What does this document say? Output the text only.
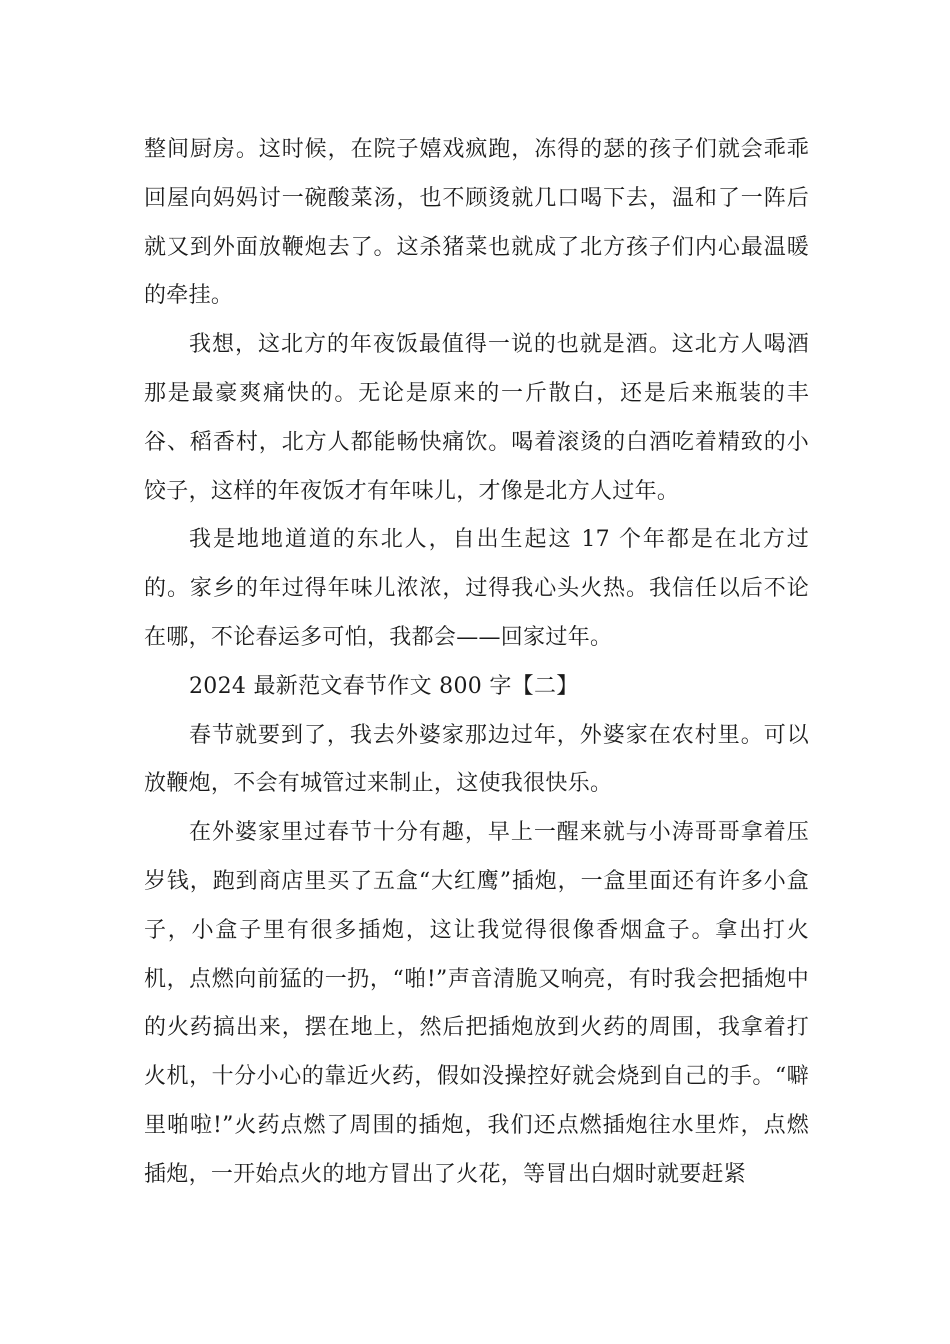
整间厨房。这时候，在院子嬉戏疯跑，冻得的瑟的孩子们就会乖乖回屋向妈妈讨一碗酸菜汤，也不顾烫就几口喝下去，温和了一阵后就又到外面放鞭炮去了。这杀猪菜也就成了北方孩子们内心最温暖的牵挂。

我想，这北方的年夜饭最值得一说的也就是酒。这北方人喝酒那是最豪爽痛快的。无论是原来的一斤散白，还是后来瓶装的丰谷、稻香村，北方人都能畅快痛饮。喝着滚烫的白酒吃着精致的小饺子，这样的年夜饭才有年味儿，才像是北方人过年。

我是地地道道的东北人，自出生起这 17 个年都是在北方过的。家乡的年过得年味儿浓浓，过得我心头火热。我信任以后不论在哪，不论春运多可怕，我都会——回家过年。

2024 最新范文春节作文 800 字【二】

春节就要到了，我去外婆家那边过年，外婆家在农村里。可以放鞭炮，不会有城管过来制止，这使我很快乐。

在外婆家里过春节十分有趣，早上一醒来就与小涛哥哥拿着压岁钱，跑到商店里买了五盒“大红鹰”插炮，一盒里面还有许多小盒子，小盒子里有很多插炮，这让我觉得很像香烟盒子。拿出打火机，点燃向前猛的一扔，“啪!”声音清脆又响亮，有时我会把插炮中的火药搞出来，摆在地上，然后把插炮放到火药的周围，我拿着打火机，十分小心的靠近火药，假如没操控好就会烧到自己的手。“噼里啪啦!”火药点燃了周围的插炮，我们还点燃插炮往水里炸，点燃插炮，一开始点火的地方冒出了火花，等冒出白烟时就要赶紧
